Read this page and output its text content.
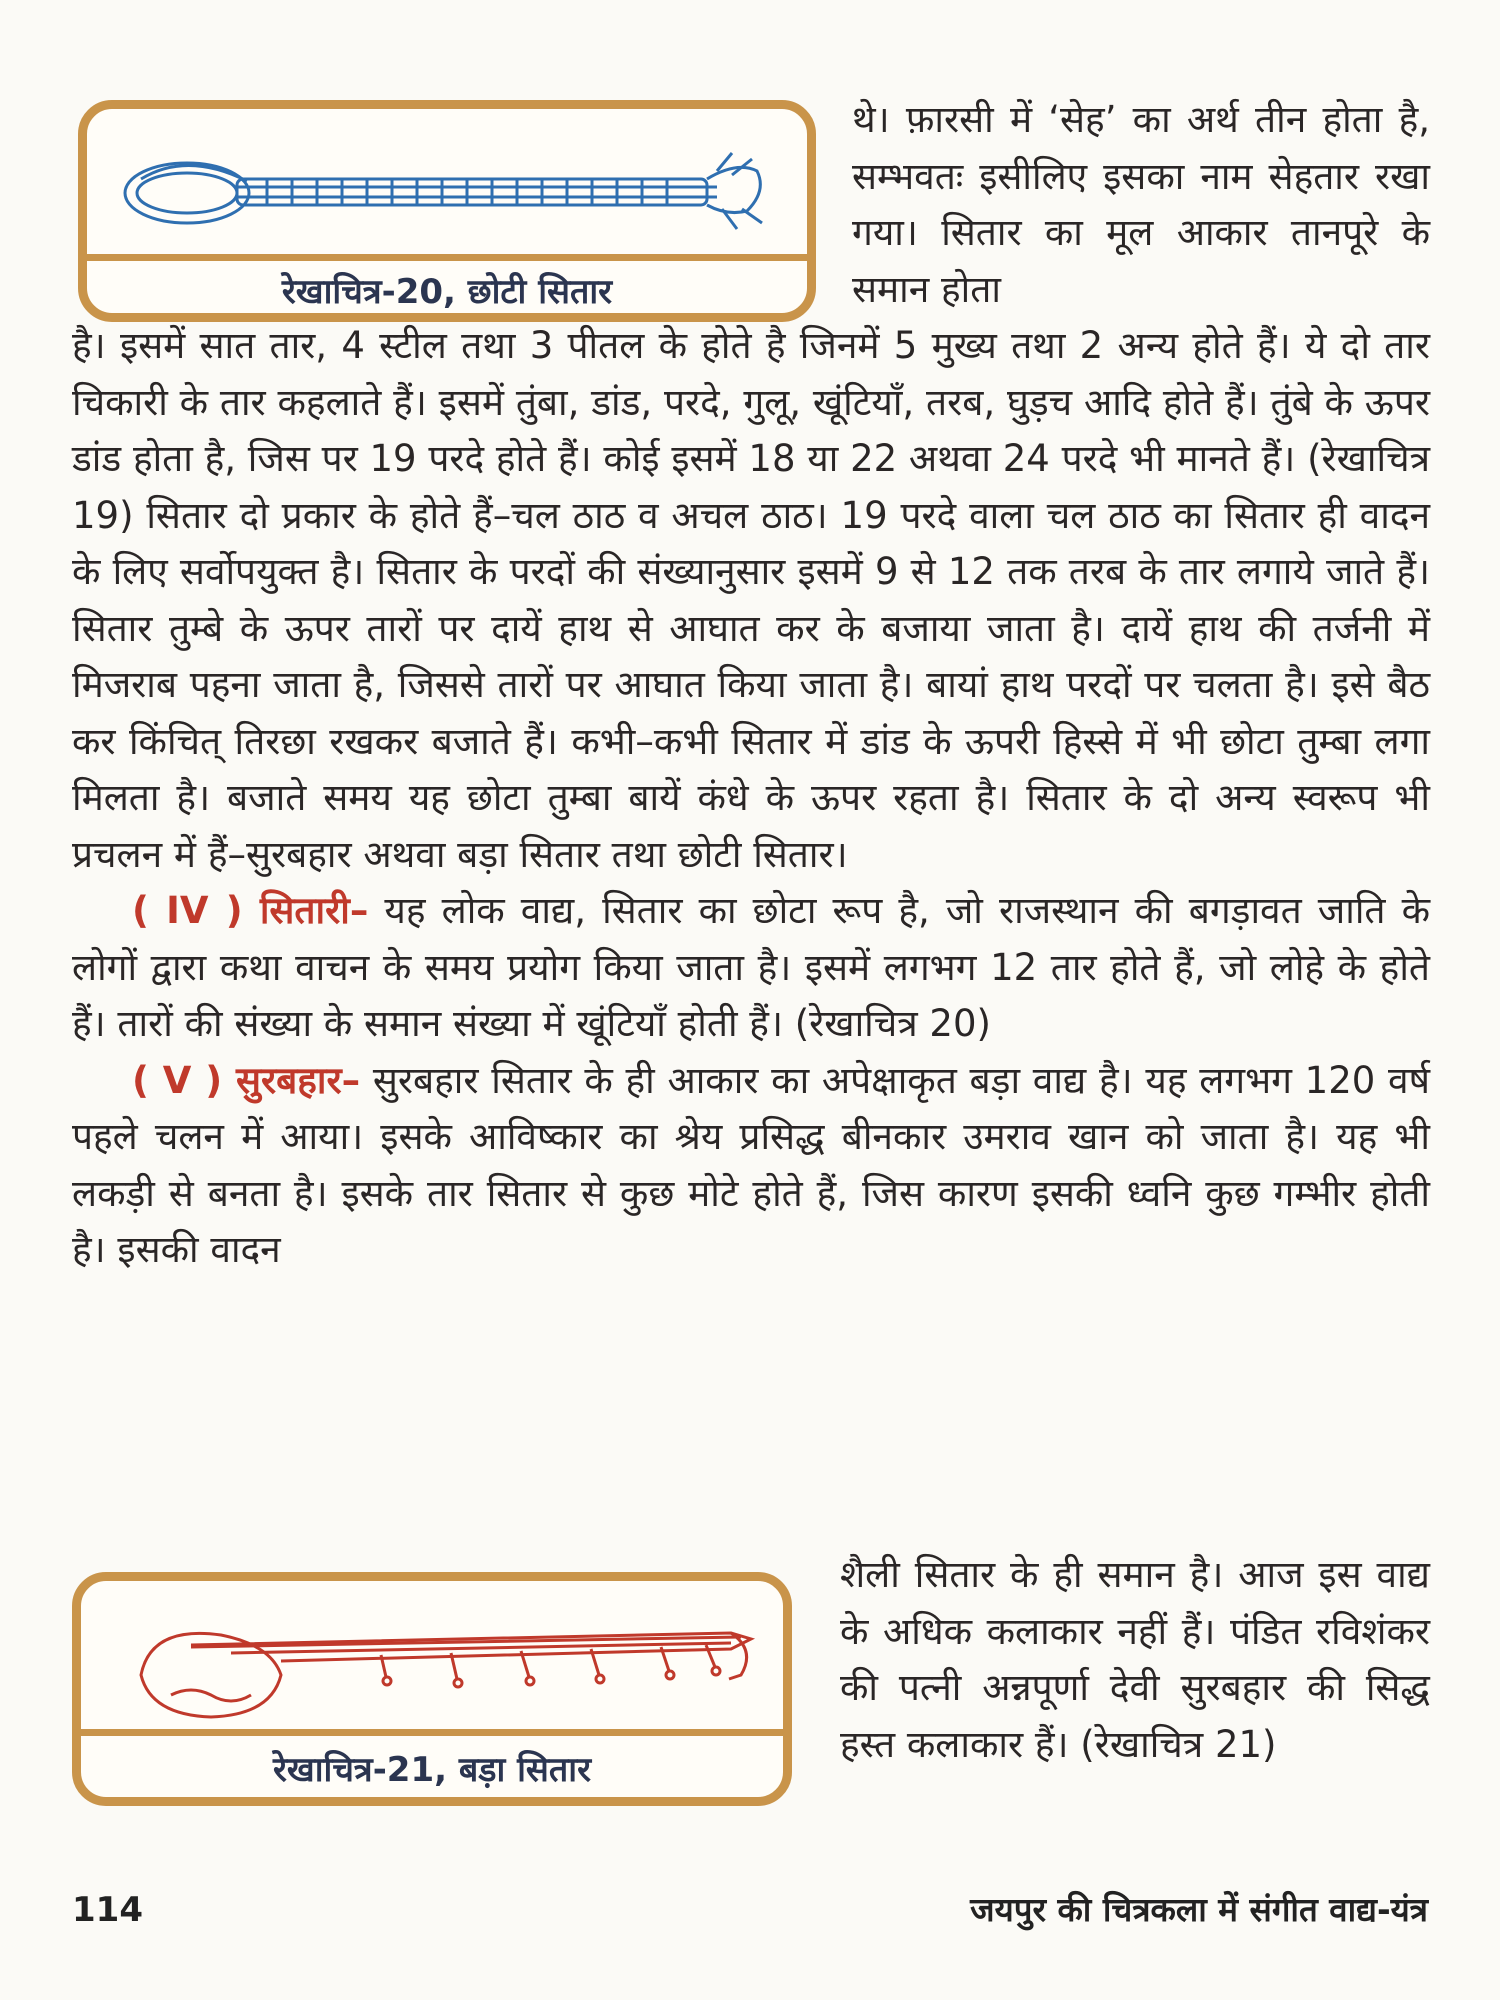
रेखाचित्र-20, छोटी सितार

थे। फ़ारसी में ‘सेह’ का अर्थ तीन होता है, सम्भवतः इसीलिए इसका नाम सेहतार रखा गया। सितार का मूल आकार तानपूरे के समान होता

है। इसमें सात तार, 4 स्टील तथा 3 पीतल के होते है जिनमें 5 मुख्य तथा 2 अन्य होते हैं। ये दो तार चिकारी के तार कहलाते हैं। इसमें तुंबा, डांड, परदे, गुलू, खूंटियाँ, तरब, घुड़च आदि होते हैं। तुंबे के ऊपर डांड होता है, जिस पर 19 परदे होते हैं। कोई इसमें 18 या 22 अथवा 24 परदे भी मानते हैं। (रेखाचित्र 19) सितार दो प्रकार के होते हैं–चल ठाठ व अचल ठाठ। 19 परदे वाला चल ठाठ का सितार ही वादन के लिए सर्वोपयुक्त है। सितार के परदों की संख्यानुसार इसमें 9 से 12 तक तरब के तार लगाये जाते हैं। सितार तुम्बे के ऊपर तारों पर दायें हाथ से आघात कर के बजाया जाता है। दायें हाथ की तर्जनी में मिजराब पहना जाता है, जिससे तारों पर आघात किया जाता है। बायां हाथ परदों पर चलता है। इसे बैठ कर किंचित् तिरछा रखकर बजाते हैं। कभी–कभी सितार में डांड के ऊपरी हिस्से में भी छोटा तुम्बा लगा मिलता है। बजाते समय यह छोटा तुम्बा बायें कंधे के ऊपर रहता है। सितार के दो अन्य स्वरूप भी प्रचलन में हैं–सुरबहार अथवा बड़ा सितार तथा छोटी सितार।

( IV ) सितारी– यह लोक वाद्य, सितार का छोटा रूप है, जो राजस्थान की बगड़ावत जाति के लोगों द्वारा कथा वाचन के समय प्रयोग किया जाता है। इसमें लगभग 12 तार होते हैं, जो लोहे के होते हैं। तारों की संख्या के समान संख्या में खूंटियाँ होती हैं। (रेखाचित्र 20)

( V ) सुरबहार– सुरबहार सितार के ही आकार का अपेक्षाकृत बड़ा वाद्य है। यह लगभग 120 वर्ष पहले चलन में आया। इसके आविष्कार का श्रेय प्रसिद्ध बीनकार उमराव खान को जाता है। यह भी लकड़ी से बनता है। इसके तार सितार से कुछ मोटे होते हैं, जिस कारण इसकी ध्वनि कुछ गम्भीर होती है। इसकी वादन

रेखाचित्र-21, बड़ा सितार

शैली सितार के ही समान है। आज इस वाद्य के अधिक कलाकार नहीं हैं। पंडित रविशंकर की पत्नी अन्नपूर्णा देवी सुरबहार की सिद्ध हस्त कलाकार हैं। (रेखाचित्र 21)

114	जयपुर की चित्रकला में संगीत वाद्य-यंत्र
